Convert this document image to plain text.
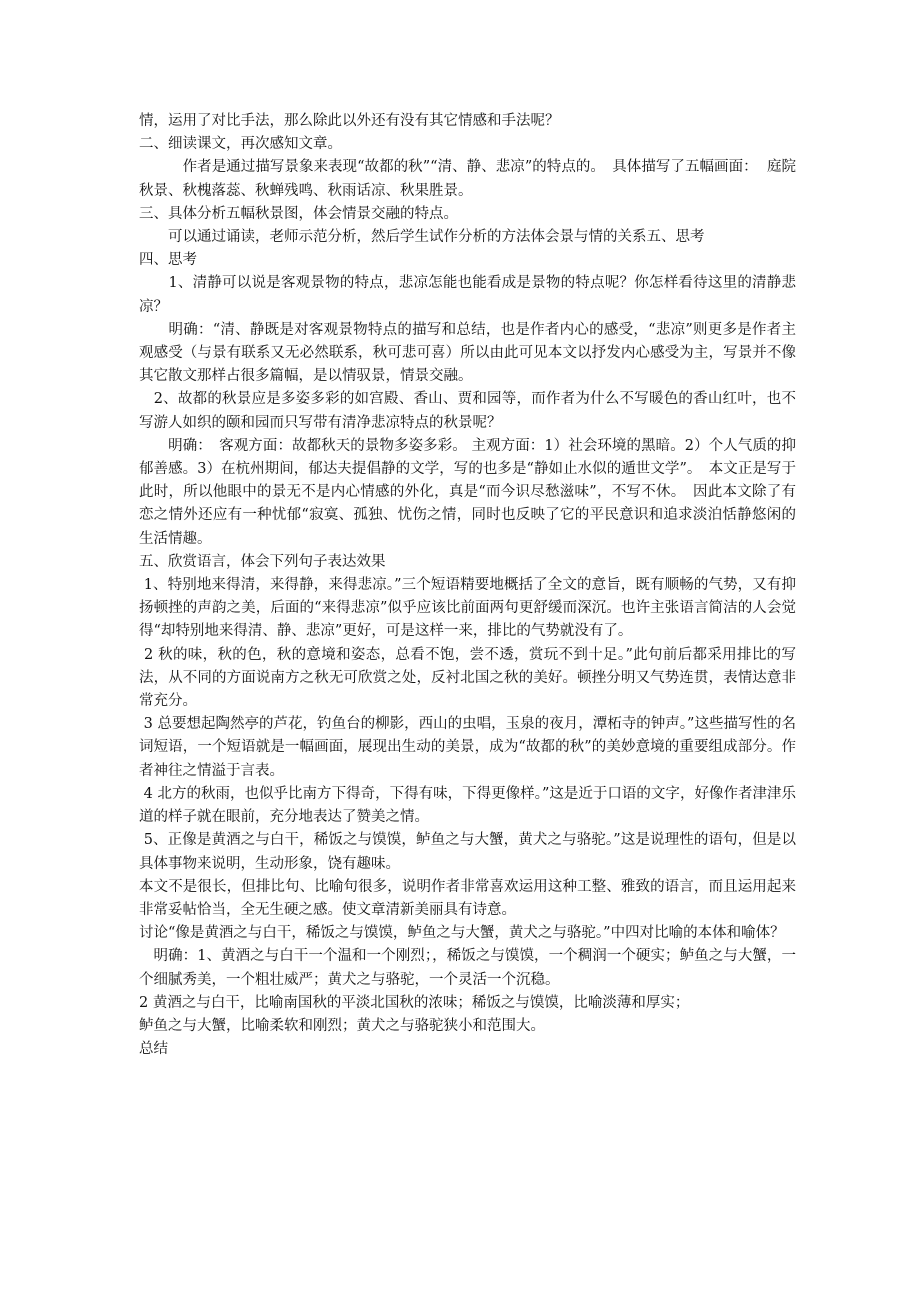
情，运用了对比手法，那么除此以外还有没有其它情感和手法呢？

二、细读课文，再次感知文章。

　　　作者是通过描写景象来表现“故都的秋”“清、静、悲凉”的特点的。　具体描写了五幅画面：  庭院秋景、秋槐落蕊、秋蝉残鸣、秋雨话凉、秋果胜景。

三、具体分析五幅秋景图，体会情景交融的特点。

　　可以通过诵读，老师示范分析，然后学生试作分析的方法体会景与情的关系五、思考

四、思考

　　1、清静可以说是客观景物的特点，悲凉怎能也能看成是景物的特点呢？你怎样看待这里的清静悲凉？

　　明确：“清、静既是对客观景物特点的描写和总结，也是作者内心的感受，“悲凉”则更多是作者主观感受（与景有联系又无必然联系，秋可悲可喜）所以由此可见本文以抒发内心感受为主，写景并不像其它散文那样占很多篇幅，是以情驭景，情景交融。

　2、故都的秋景应是多姿多彩的如宫殿、香山、贾和园等，而作者为什么不写暖色的香山红叶，也不写游人如织的颐和园而只写带有清净悲凉特点的秋景呢？

　　明确：　客观方面：故都秋天的景物多姿多彩。 主观方面：1）社会环境的黑暗。2）个人气质的抑郁善感。3）在杭州期间，郁达夫提倡静的文学，写的也多是“静如止水似的遁世文学”。　本文正是写于此时，所以他眼中的景无不是内心情感的外化，真是“而今识尽愁滋味”，不写不休。　因此本文除了有恋之情外还应有一种忧郁“寂寞、孤独、忧伤之情，同时也反映了它的平民意识和追求淡泊恬静悠闲的生活情趣。

五、欣赏语言，体会下列句子表达效果

1、特别地来得清，来得静，来得悲凉。”三个短语精要地概括了全文的意旨，既有顺畅的气势，又有抑扬顿挫的声韵之美，后面的“来得悲凉”似乎应该比前面两句更舒缓而深沉。也许主张语言简洁的人会觉得“却特别地来得清、静、悲凉”更好，可是这样一来，排比的气势就没有了。

2 秋的味，秋的色，秋的意境和姿态，总看不饱，尝不透，赏玩不到十足。”此句前后都采用排比的写法，从不同的方面说南方之秋无可欣赏之处，反衬北国之秋的美好。顿挫分明又气势连贯，表情达意非常充分。

3 总要想起陶然亭的芦花，钓鱼台的柳影，西山的虫唱，玉泉的夜月，潭柘寺的钟声。”这些描写性的名词短语，一个短语就是一幅画面，展现出生动的美景，成为“故都的秋”的美妙意境的重要组成部分。作者神往之情溢于言表。

4 北方的秋雨，也似乎比南方下得奇，下得有味，下得更像样。”这是近于口语的文字，好像作者津津乐道的样子就在眼前，充分地表达了赞美之情。

5、正像是黄酒之与白干，稀饭之与馍馍，鲈鱼之与大蟹，黄犬之与骆驼。”这是说理性的语句，但是以具体事物来说明，生动形象，饶有趣味。

本文不是很长，但排比句、比喻句很多，说明作者非常喜欢运用这种工整、雅致的语言，而且运用起来非常妥帖恰当，全无生硬之感。使文章清新美丽具有诗意。

讨论“像是黄酒之与白干，稀饭之与馍馍，鲈鱼之与大蟹，黄犬之与骆驼。”中四对比喻的本体和喻体？

　明确：1、黄酒之与白干一个温和一个刚烈；，稀饭之与馍馍，一个稠润一个硬实；鲈鱼之与大蟹，一个细腻秀美，一个粗壮威严；黄犬之与骆驼，一个灵活一个沉稳。

2 黄酒之与白干，比喻南国秋的平淡北国秋的浓味；稀饭之与馍馍，比喻淡薄和厚实；

鲈鱼之与大蟹，比喻柔软和刚烈；黄犬之与骆驼狭小和范围大。

总结
